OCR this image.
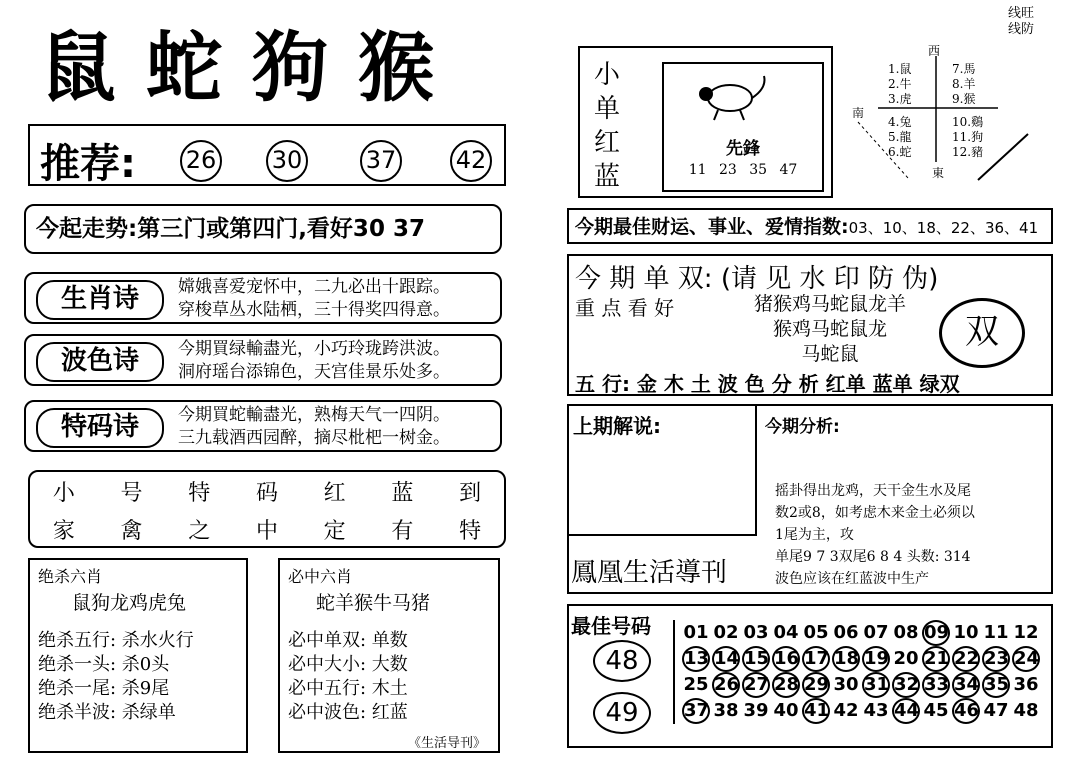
鼠蛇狗猴
推荐: 26 30	37 42
今起走势:第三门或第四门,看好30 37
生肖诗	嫦娥喜爱宠怀中，二九必出十跟踪。
穿梭草丛水陆栖，三十得奖四得意。
波色诗	今期買绿輸盡光，小巧玲珑跨洪波。
洞府瑶台添锦色，天宫佳景乐处多。
特码诗	今期買蛇輸盡光，熟梅天气一四阴。
三九载酒西园醉，摘尽枇杷一树金。
小 号 特 码 红 蓝 到
家 禽 之 中 定 有 特
绝杀六肖
鼠狗龙鸡虎兔
绝杀五行: 杀水火行
绝杀一头: 杀0头
绝杀一尾: 杀9尾
绝杀半波: 杀绿单
必中六肖
蛇羊猴牛马猪
必中单双: 单数
必中大小: 大数
必中五行: 木土
必中波色: 红蓝
《生活导刊》
线旺
线防
小
单
红
蓝
先鋒
11 23 35 47
西
南
東
1.鼠
2.牛
3.虎
4.兔
5.龍
6.蛇
7.馬
8.羊
9.猴
10.鷄
11.狗
12.豬
今期最佳财运、事业、爱情指数:03、10、18、22、36、41
今 期 单 双: (请 见 水 印 防 伪)
重 点 看 好	猪猴鸡马蛇鼠龙羊
猴鸡马蛇鼠龙
马蛇鼠
双
五 行: 金 木 土 波 色 分 析 红单 蓝单 绿双
上期解说:
鳳凰生活導刊
今期分析:
摇卦得出龙鸡，天干金生水及尾
数2或8，如考虑木来金土必须以
1尾为主，攻
单尾9 7 3双尾6 8 4 头数: 314
波色应该在红蓝波中生产
最佳号码
48
49
01 02 03 04 05 06 07 08 09 10 11 12
13 14 15 16 17 18 19 20 21 22 23 24
25 26 27 28 29 30 31 32 33 34 35 36
37 38 39 40 41 42 43 44 45 46 47 48
